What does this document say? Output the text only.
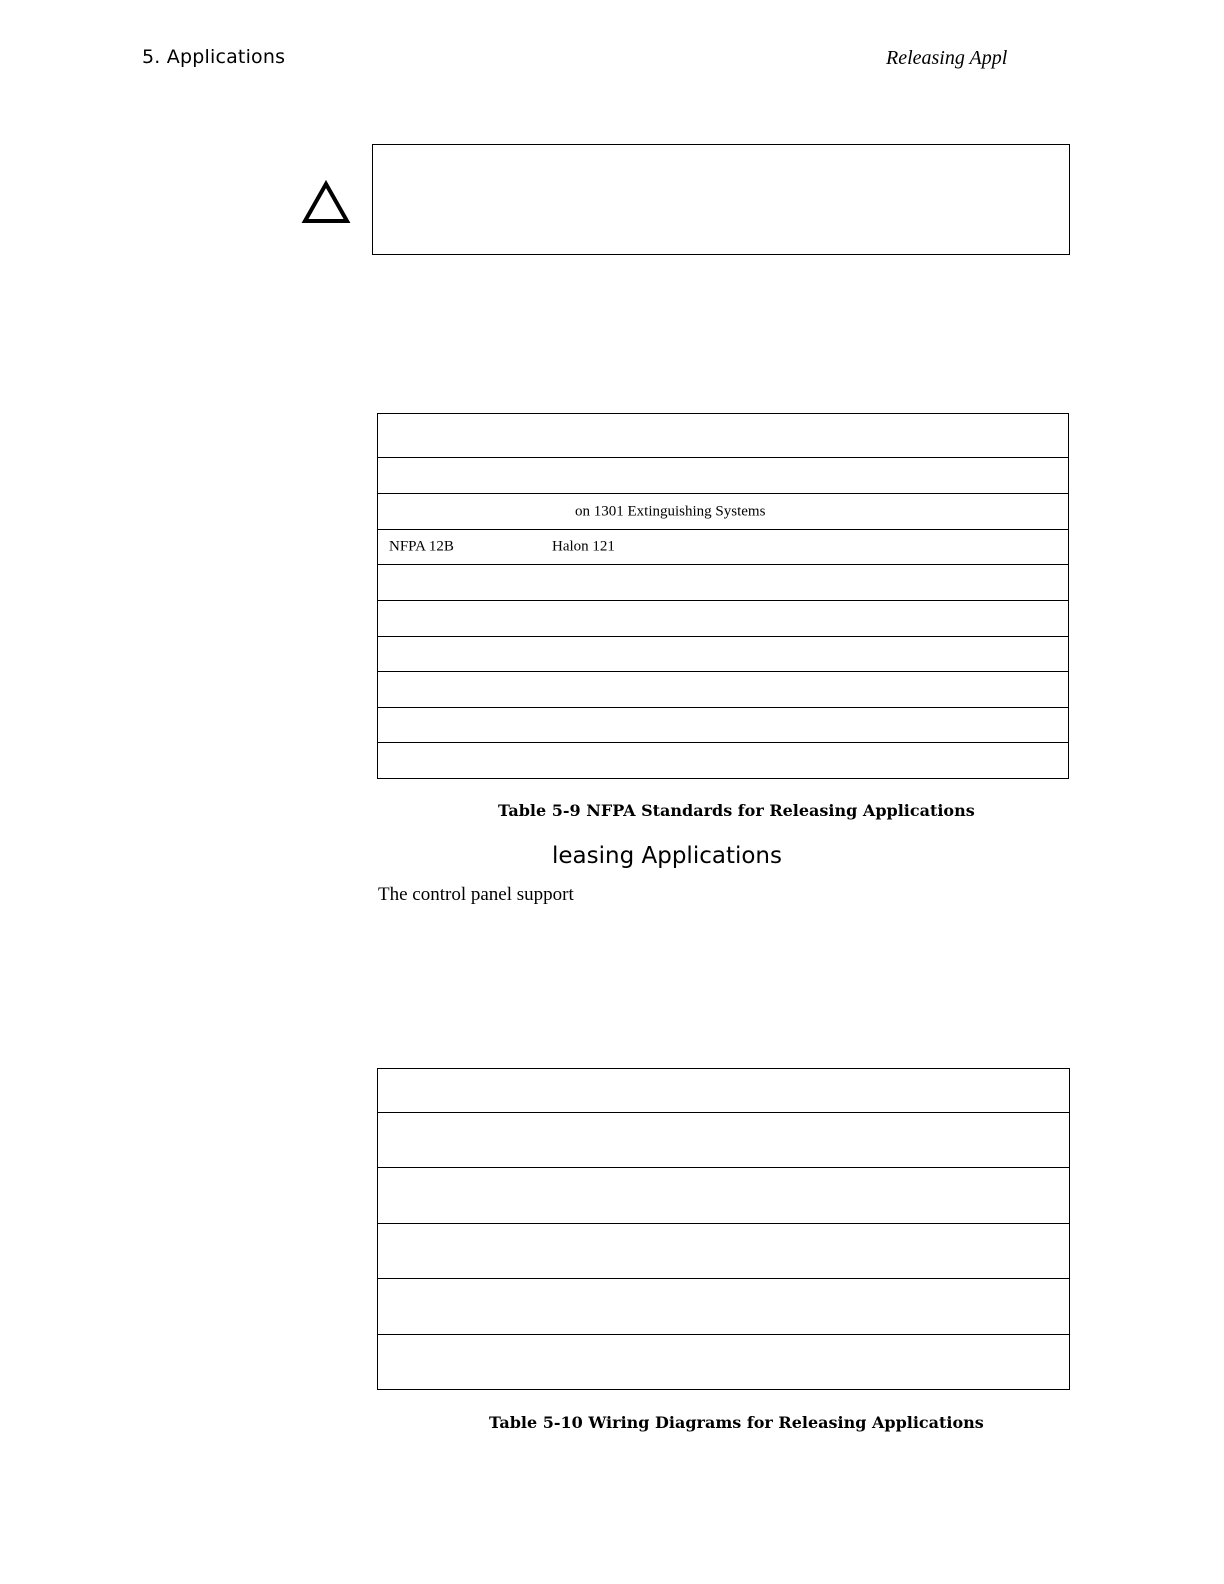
5. Applications	Releasing Appl

on 1301 Extinguishing Systems

NFPA 12B	Halon 121

Table 5-9 NFPA Standards for Releasing Applications
leasing Applications
The control panel support

Table 5-10 Wiring Diagrams for Releasing Applications
